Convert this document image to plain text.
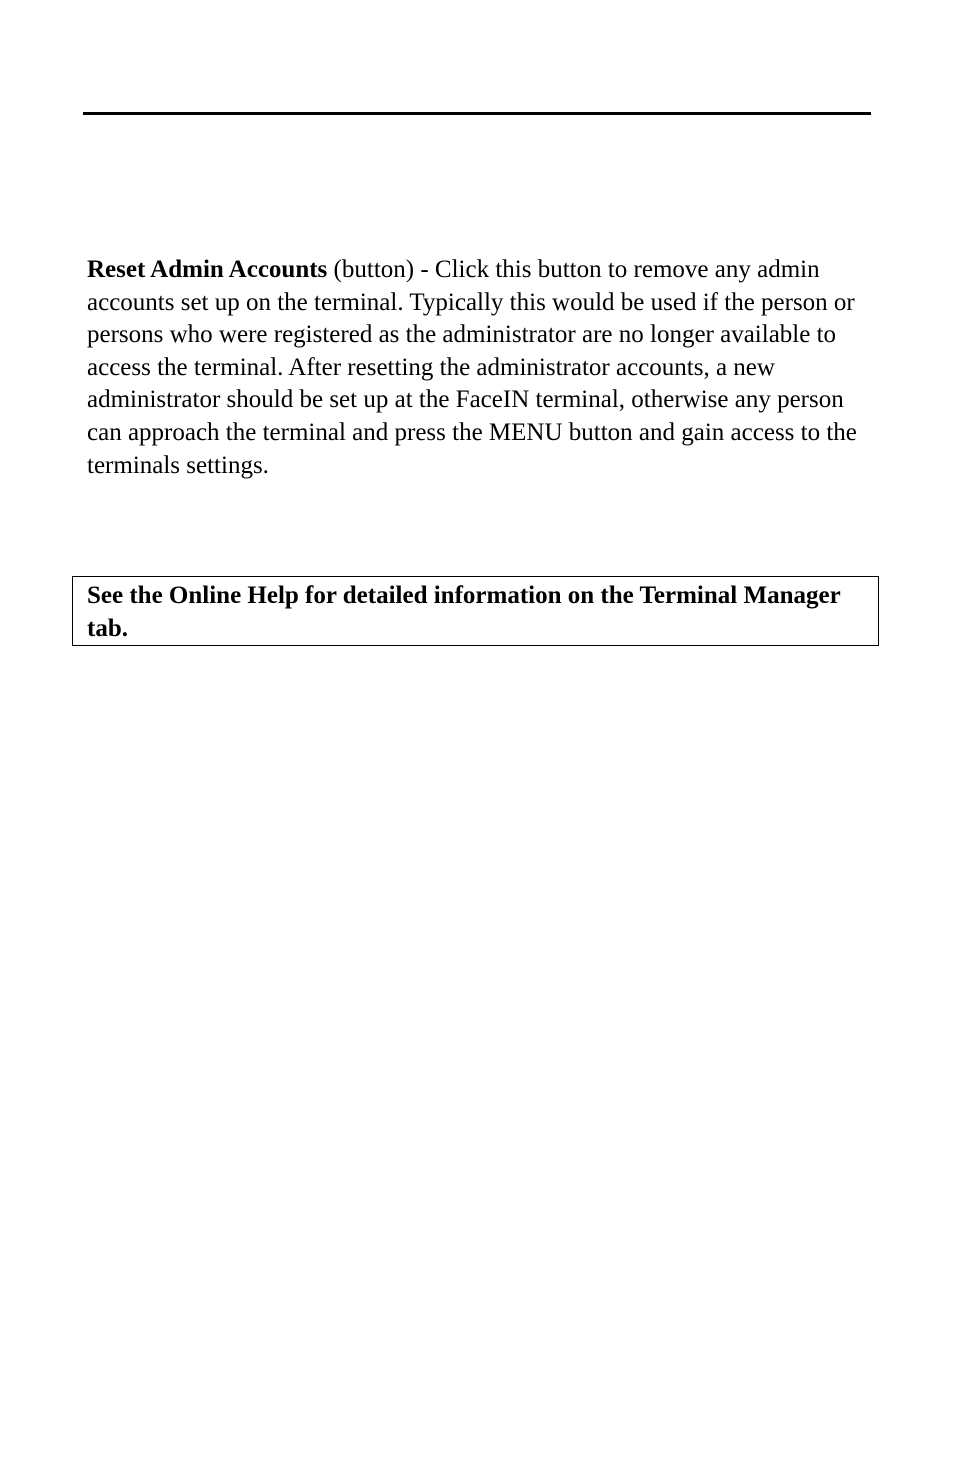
Reset Admin Accounts (button) - Click this button to remove any admin accounts set up on the terminal. Typically this would be used if the person or persons who were registered as the administrator are no longer available to access the terminal. After resetting the administrator accounts, a new administrator should be set up at the FaceIN terminal, otherwise any person can approach the terminal and press the MENU button and gain access to the terminals settings.

See the Online Help for detailed information on the Terminal Manager tab.
